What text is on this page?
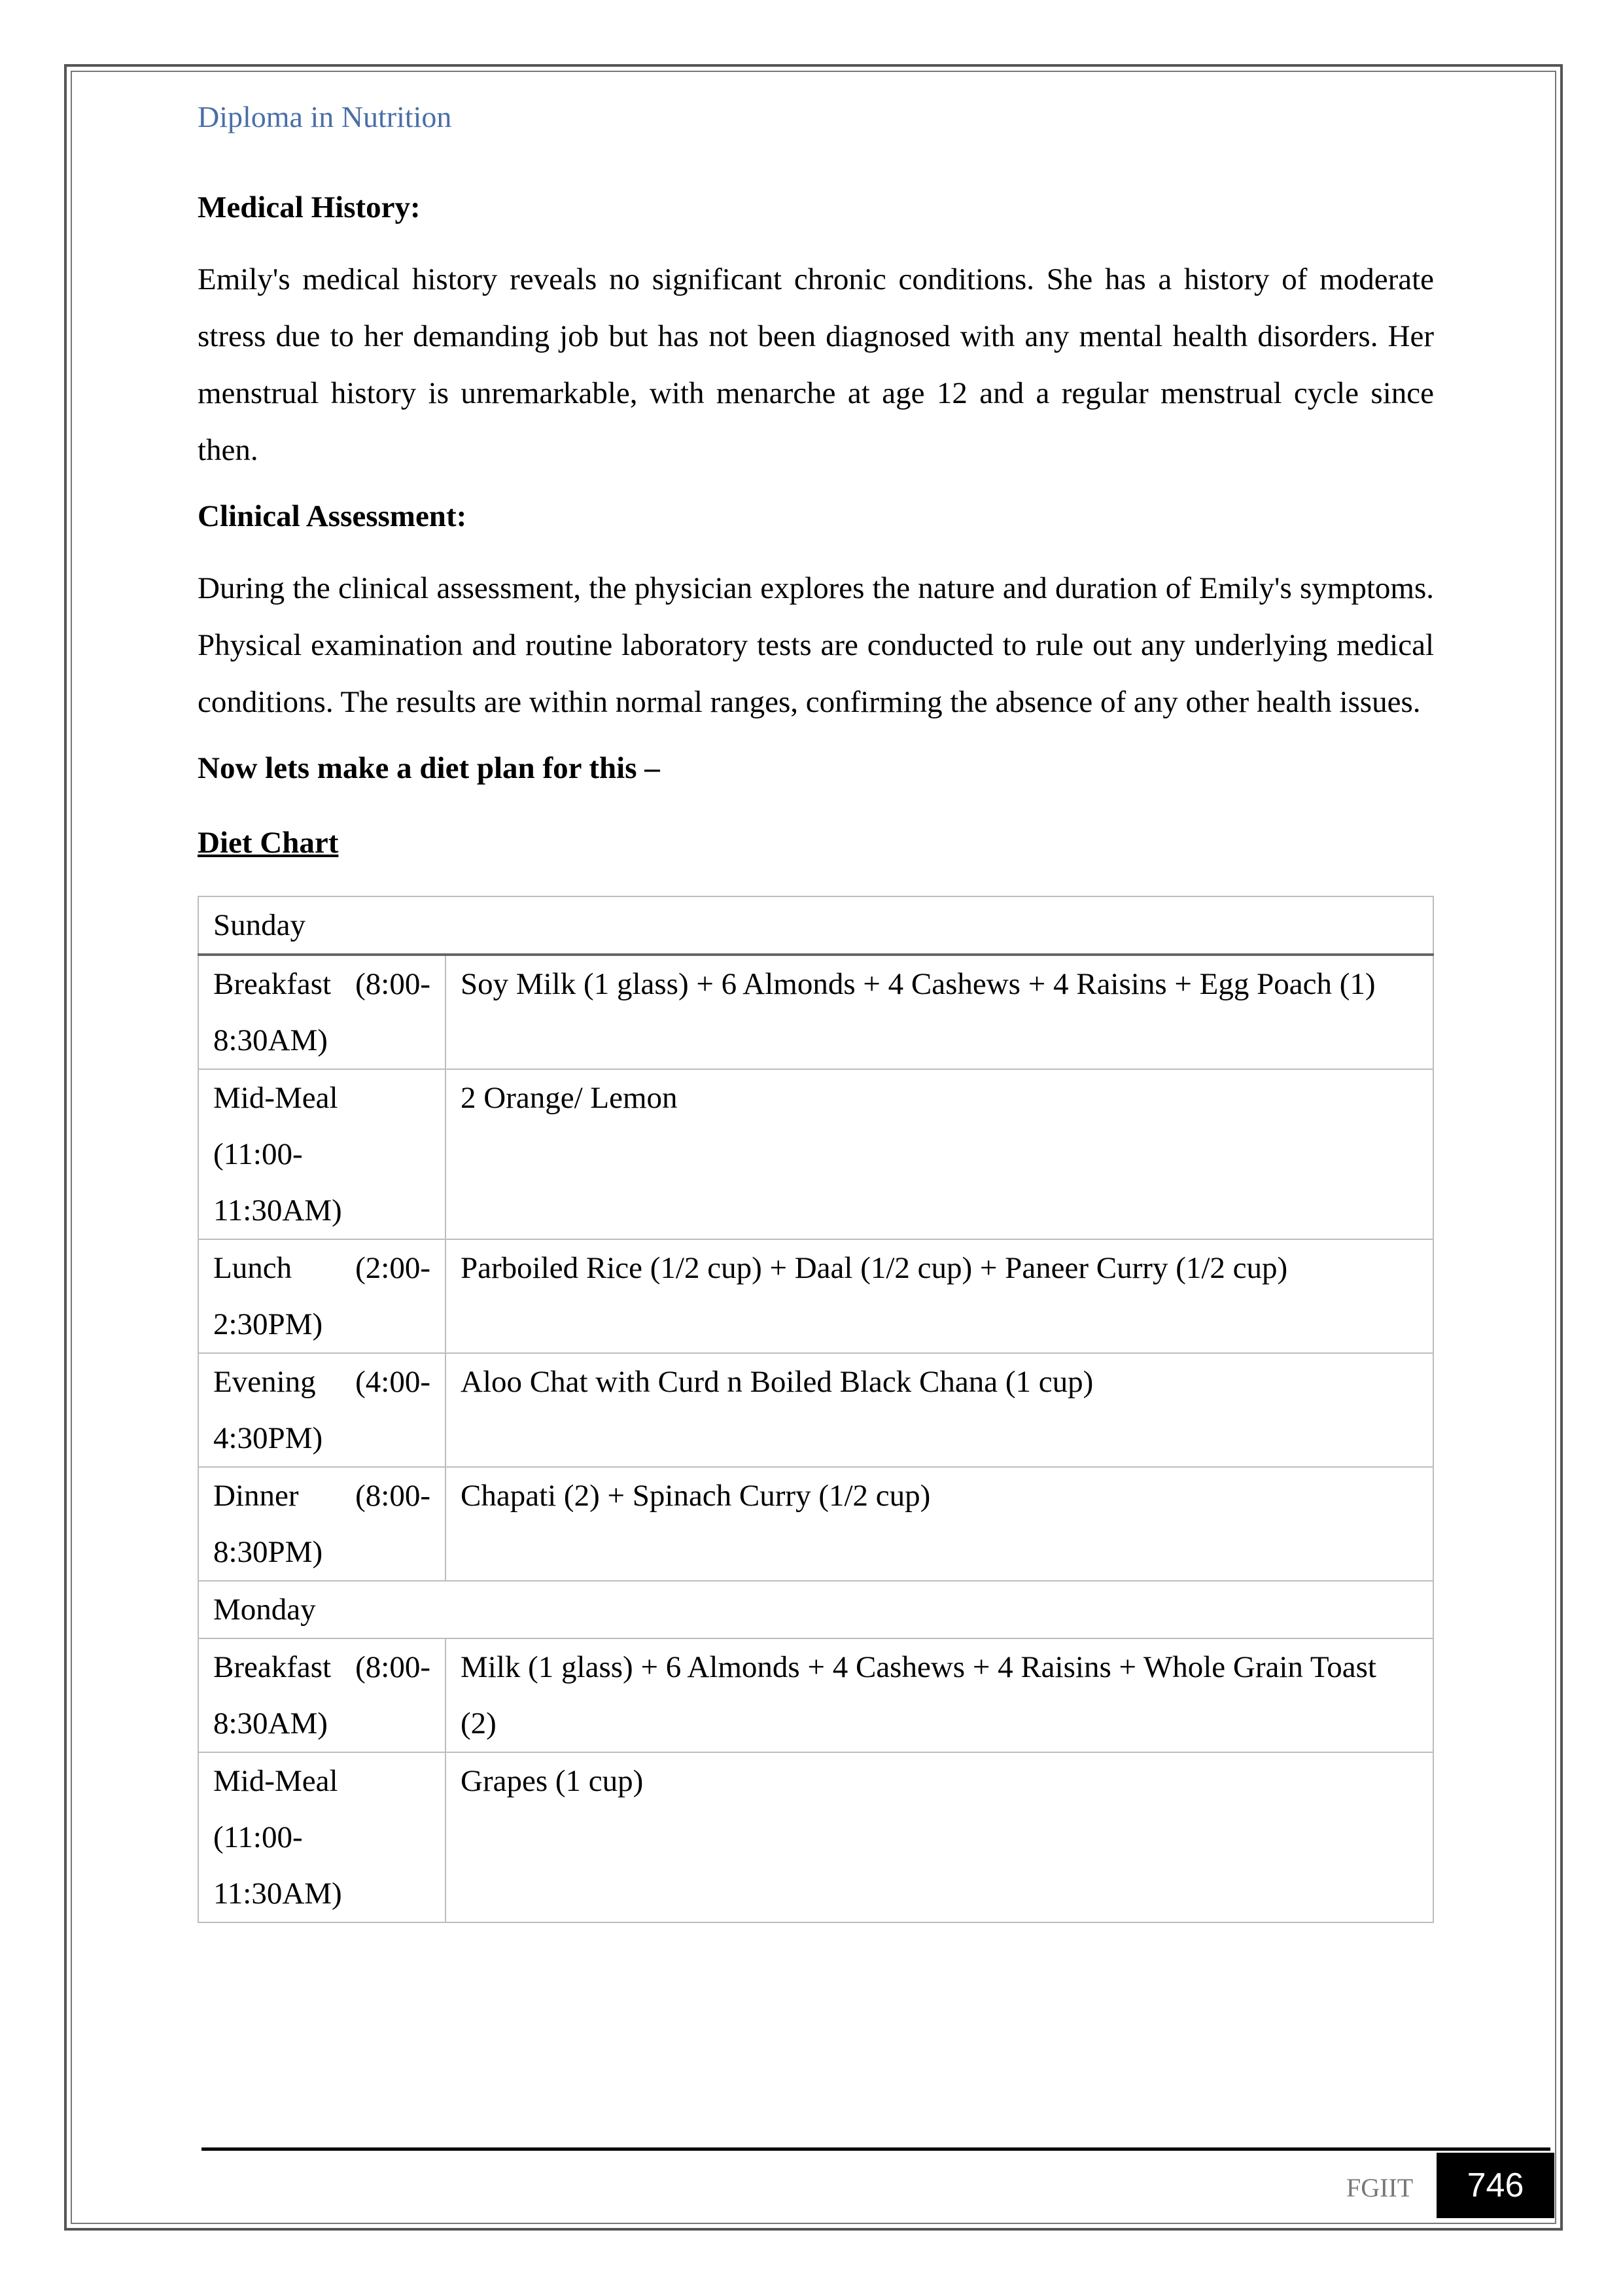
Diploma in Nutrition
Medical History:

Emily's medical history reveals no significant chronic conditions. She has a history of moderate stress due to her demanding job but has not been diagnosed with any mental health disorders. Her menstrual history is unremarkable, with menarche at age 12 and a regular menstrual cycle since then.

Clinical Assessment:

During the clinical assessment, the physician explores the nature and duration of Emily's symptoms. Physical examination and routine laboratory tests are conducted to rule out any underlying medical conditions. The results are within normal ranges, confirming the absence of any other health issues.

Now lets make a diet plan for this –
Diet Chart
Sunday	
Breakfast (8:00-8:30AM)	Soy Milk (1 glass) + 6 Almonds + 4 Cashews + 4 Raisins + Egg Poach (1)
Mid-Meal (11:00-11:30AM)	2 Orange/ Lemon
Lunch (2:00-2:30PM)	Parboiled Rice (1/2 cup) + Daal (1/2 cup) + Paneer Curry (1/2 cup)
Evening (4:00-4:30PM)	Aloo Chat with Curd n Boiled Black Chana (1 cup)
Dinner (8:00-8:30PM)	Chapati (2) + Spinach Curry (1/2 cup)
Monday	
Breakfast (8:00-8:30AM)	Milk (1 glass) + 6 Almonds + 4 Cashews + 4 Raisins + Whole Grain Toast (2)
Mid-Meal (11:00-11:30AM)	Grapes (1 cup)
FGIIT	746
